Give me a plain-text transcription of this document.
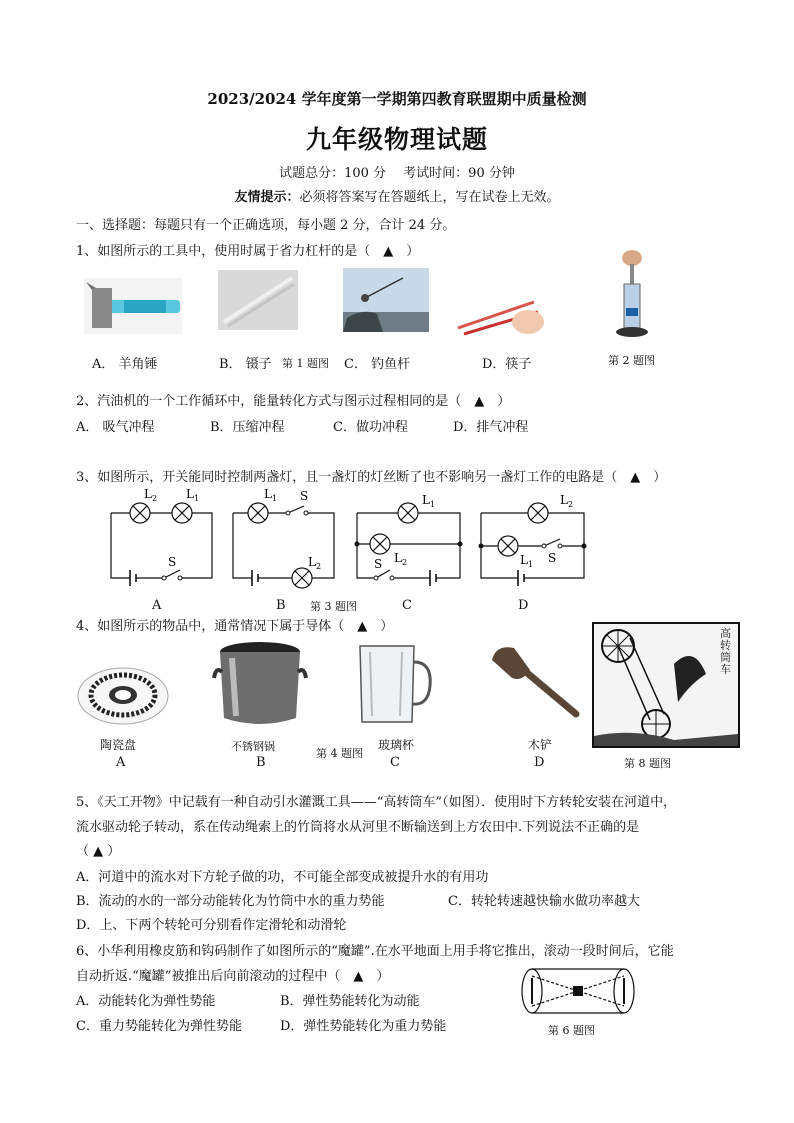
2023/2024 学年度第一学期第四教育联盟期中质量检测
九年级物理试题
试题总分：100 分　 考试时间：90 分钟
友情提示：必须将答案写在答题纸上，写在试卷上无效。
一、选择题：每题只有一个正确选项，每小题 2 分，合计 24 分。
1、如图所示的工具中，使用时属于省力杠杆的是（　▲　）
A． 羊角锤	B． 镊子 第 1 题图 C． 钓鱼杆	D．筷子	第 2 题图
2、汽油机的一个工作循环中，能量转化方式与图示过程相同的是（　▲　）
A． 吸气冲程	B．压缩冲程	C．做功冲程	D．排气冲程
3、如图所示，开关能同时控制两盏灯，且一盏灯的灯丝断了也不影响另一盏灯工作的电路是（　▲　）
$L_2$ $L_1$
S
$L_1$ S
$L_2$
$L_1$
$L_2$
S
$L_2$
$L_1$ S
A	B 第 3 题图	C	D
4、如图所示的物品中，通常情况下属于导体（　▲　）	高转筒车
陶瓷盘	不锈钢锅	玻璃杯	木铲
第 4 题图
第 8 题图
A	B	C	D
5、《天工开物》中记载有一种自动引水灌溉工具——“高转筒车”（如图）．使用时下方转轮安装在河道中，
流水驱动轮子转动，系在传动绳索上的竹筒将水从河里不断输送到上方农田中.下列说法不正确的是
（ ▲ ）
A．河道中的流水对下方轮子做的功，不可能全部变成被提升水的有用功
B．流动的水的一部分动能转化为竹筒中水的重力势能	C．转轮转速越快输水做功率越大
D．上、下两个转轮可分别看作定滑轮和动滑轮
6、小华利用橡皮筋和钩码制作了如图所示的“魔罐”.在水平地面上用手将它推出，滚动一段时间后，它能
自动折返.“魔罐”被推出后向前滚动的过程中（　▲　）
A．动能转化为弹性势能	B．弹性势能转化为动能
C．重力势能转化为弹性势能	D．弹性势能转化为重力势能	第 6 题图
